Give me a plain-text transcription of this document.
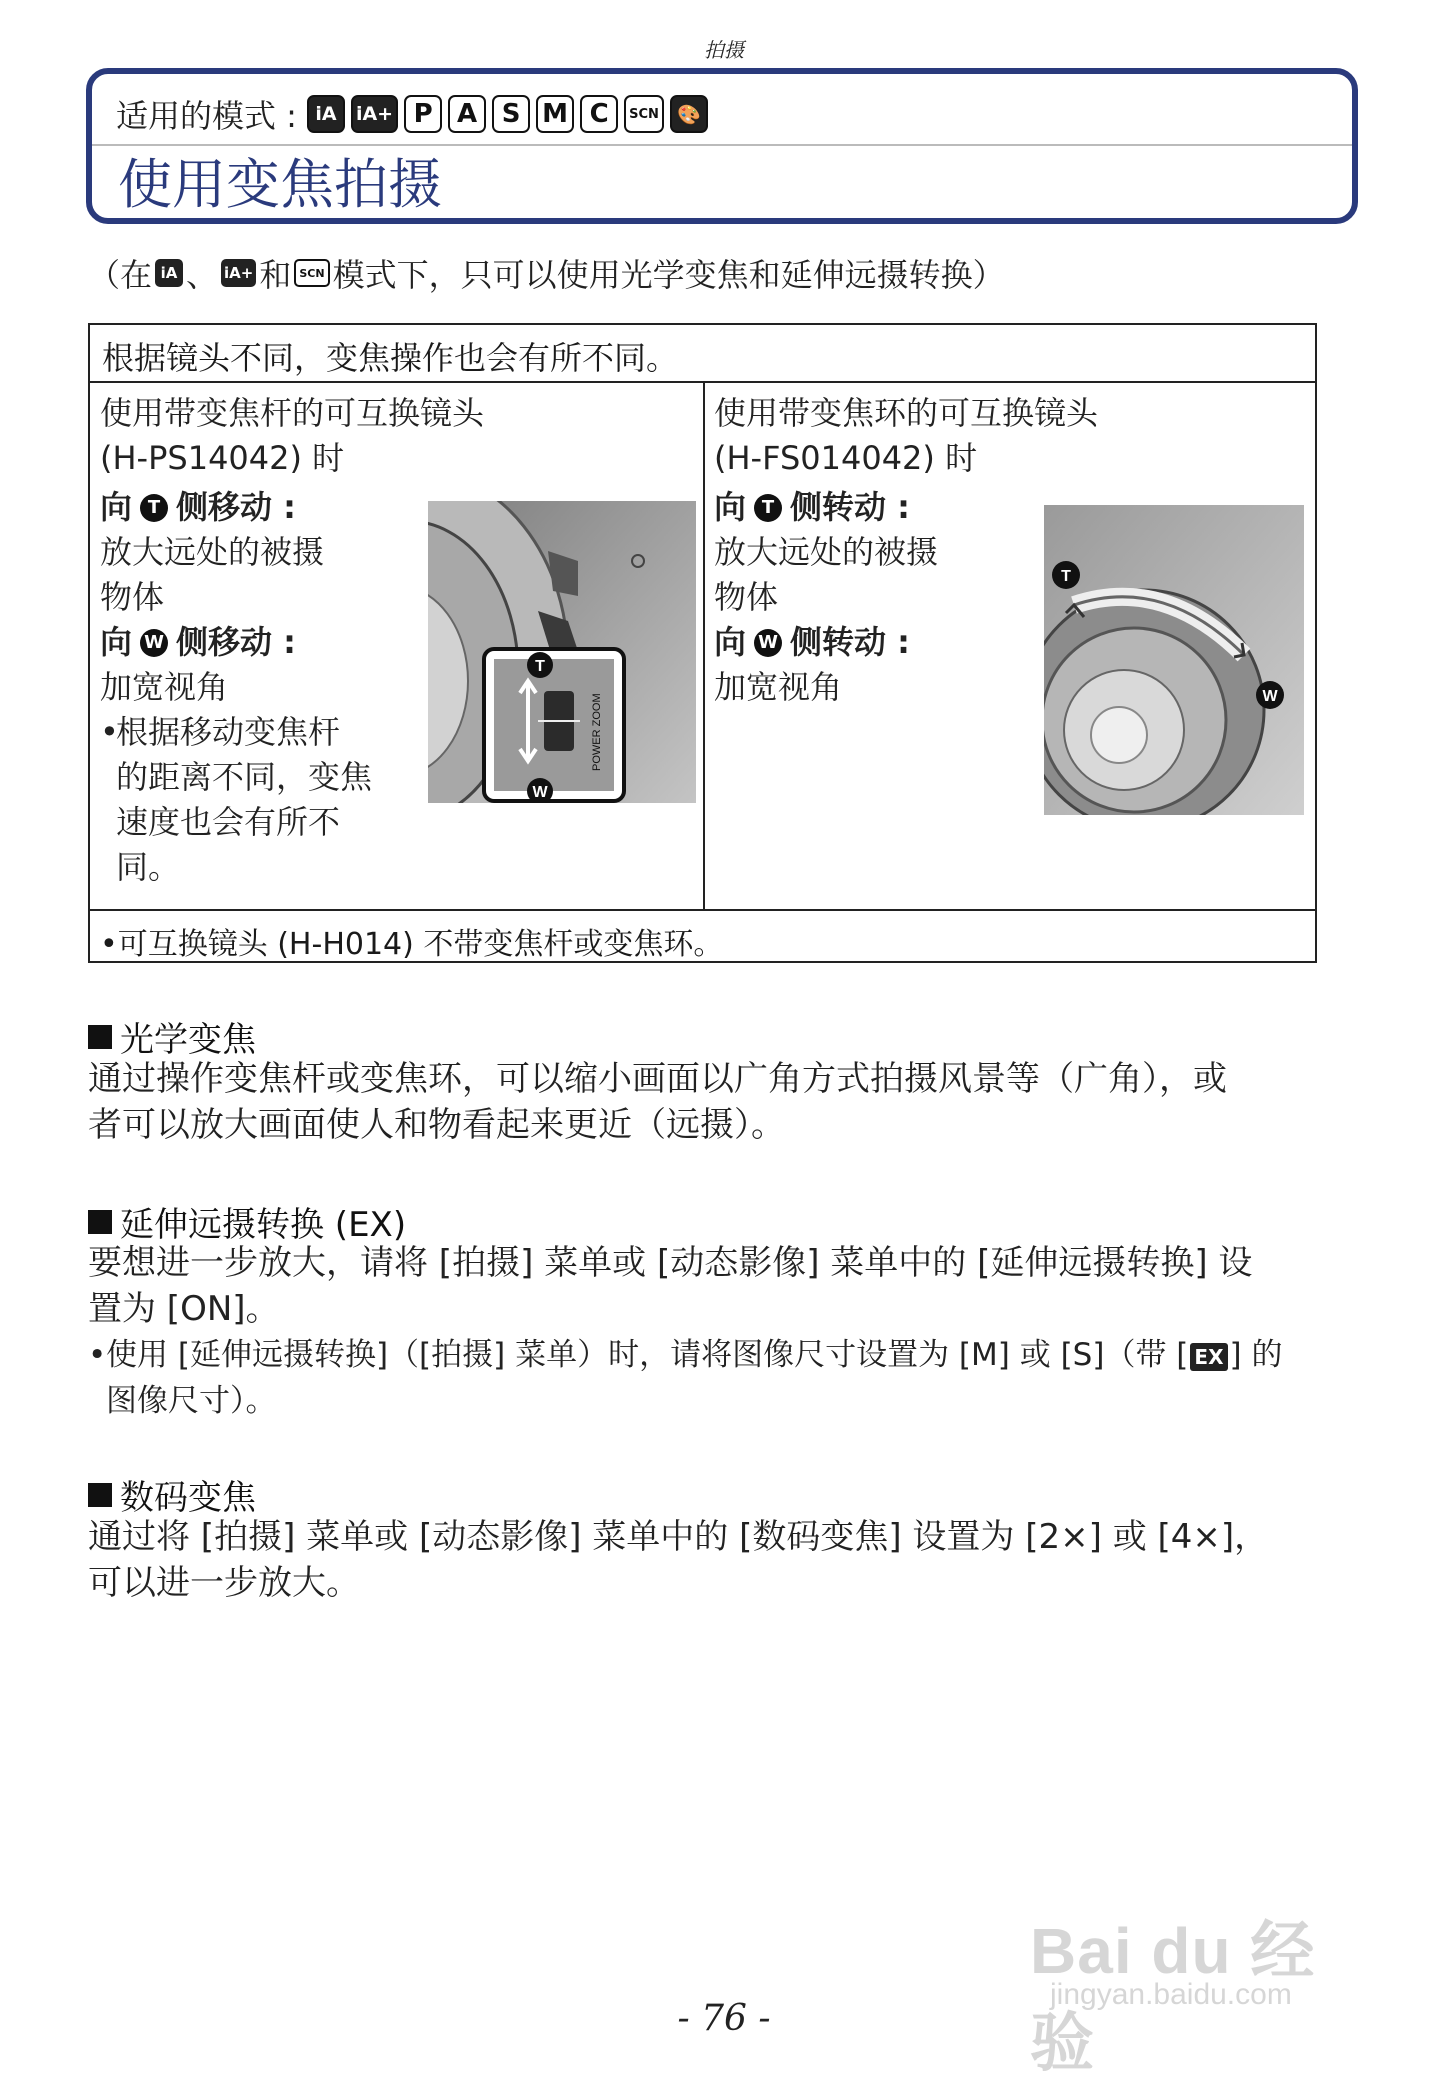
拍摄
适用的模式 : iA	iA+ P A S M C	SCN 🎨
使用变焦拍摄
（在 iA 、 iA+ 和 SCN 模式下，只可以使用光学变焦和延伸远摄转换）
根据镜头不同，变焦操作也会有所不同。
使用带变焦杆的可互换镜头
(H-PS14042) 时
向 T 侧移动 :
放大远处的被摄
物体
向 W 侧移动 :
加宽视角
•
根据移动变焦杆
的距离不同，变焦
速度也会有所不
同。
POWER ZOOM
T
W
使用带变焦环的可互换镜头
(H-FS014042) 时
向 T 侧转动 :
放大远处的被摄
物体
向 W 侧转动 :
加宽视角
T
W
•可互换镜头 (H-H014) 不带变焦杆或变焦环。
光学变焦
通过操作变焦杆或变焦环，可以缩小画面以广角方式拍摄风景等（广角），或
者可以放大画面使人和物看起来更近（远摄）。
延伸远摄转换 (EX)
要想进一步放大，请将 [拍摄] 菜单或 [动态影像] 菜单中的 [延伸远摄转换] 设
置为 [ON]。
• 使用 [延伸远摄转换]（[拍摄] 菜单）时，请将图像尺寸设置为 [M] 或 [S]（带 [ EX ] 的
图像尺寸）。
数码变焦
通过将 [拍摄] 菜单或 [动态影像] 菜单中的 [数码变焦] 设置为 [2×] 或 [4×]，
可以进一步放大。
Bai du 经验
jingyan.baidu.com
- 76 -
